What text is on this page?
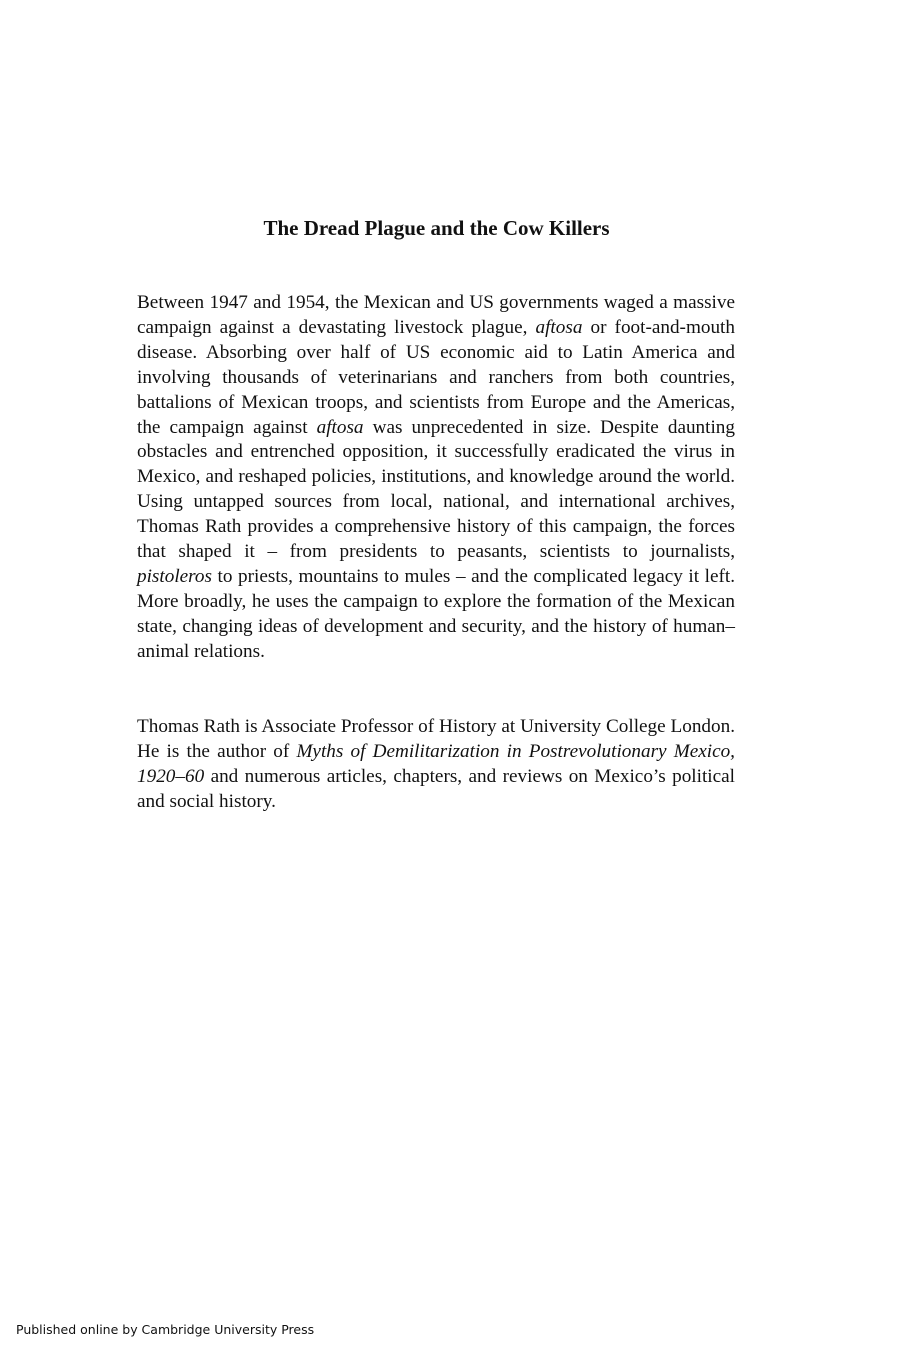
The Dread Plague and the Cow Killers

Between 1947 and 1954, the Mexican and US governments waged a massive campaign against a devastating livestock plague, aftosa or foot-and-mouth disease. Absorbing over half of US economic aid to Latin America and involving thousands of veterinarians and ranchers from both countries, battalions of Mexican troops, and scientists from Europe and the Americas, the campaign against aftosa was unprecedented in size. Despite daunting obstacles and entrenched opposition, it successfully eradicated the virus in Mexico, and reshaped policies, institutions, and knowledge around the world. Using untapped sources from local, national, and international archives, Thomas Rath provides a comprehensive history of this campaign, the forces that shaped it – from presidents to peasants, scientists to journalists, pistoleros to priests, mountains to mules – and the complicated legacy it left. More broadly, he uses the campaign to explore the formation of the Mexican state, changing ideas of development and security, and the history of human–animal relations.

Thomas Rath is Associate Professor of History at University College London. He is the author of Myths of Demilitarization in Postrevolutionary Mexico, 1920–60 and numerous articles, chapters, and reviews on Mexico’s political and social history.

Published online by Cambridge University Press
